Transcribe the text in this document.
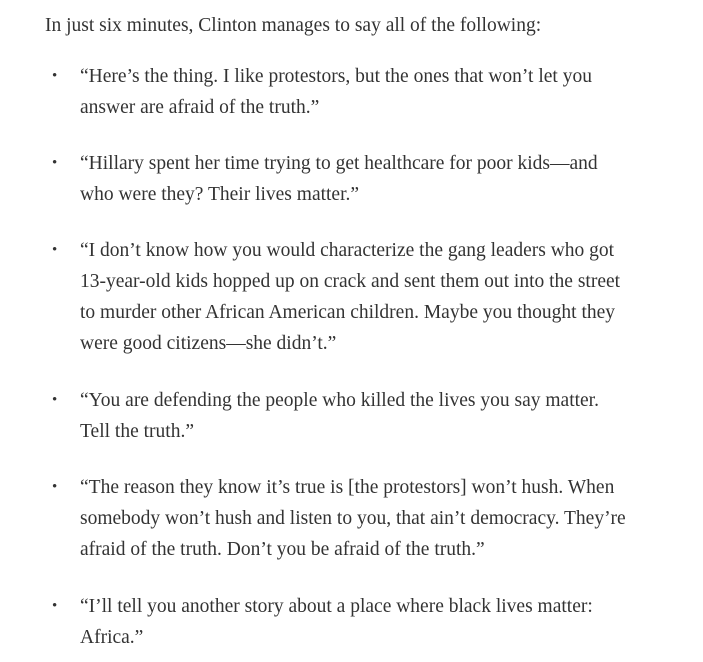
In just six minutes, Clinton manages to say all of the following:

• “Here’s the thing. I like protestors, but the ones that won’t let you
answer are afraid of the truth.”
• “Hillary spent her time trying to get healthcare for poor kids—and
who were they? Their lives matter.”
• “I don’t know how you would characterize the gang leaders who got
13-year-old kids hopped up on crack and sent them out into the street
to murder other African American children. Maybe you thought they
were good citizens—she didn’t.”
• “You are defending the people who killed the lives you say matter.
Tell the truth.”
• “The reason they know it’s true is [the protestors] won’t hush. When
somebody won’t hush and listen to you, that ain’t democracy. They’re
afraid of the truth. Don’t you be afraid of the truth.”
• “I’ll tell you another story about a place where black lives matter:
Africa.”
